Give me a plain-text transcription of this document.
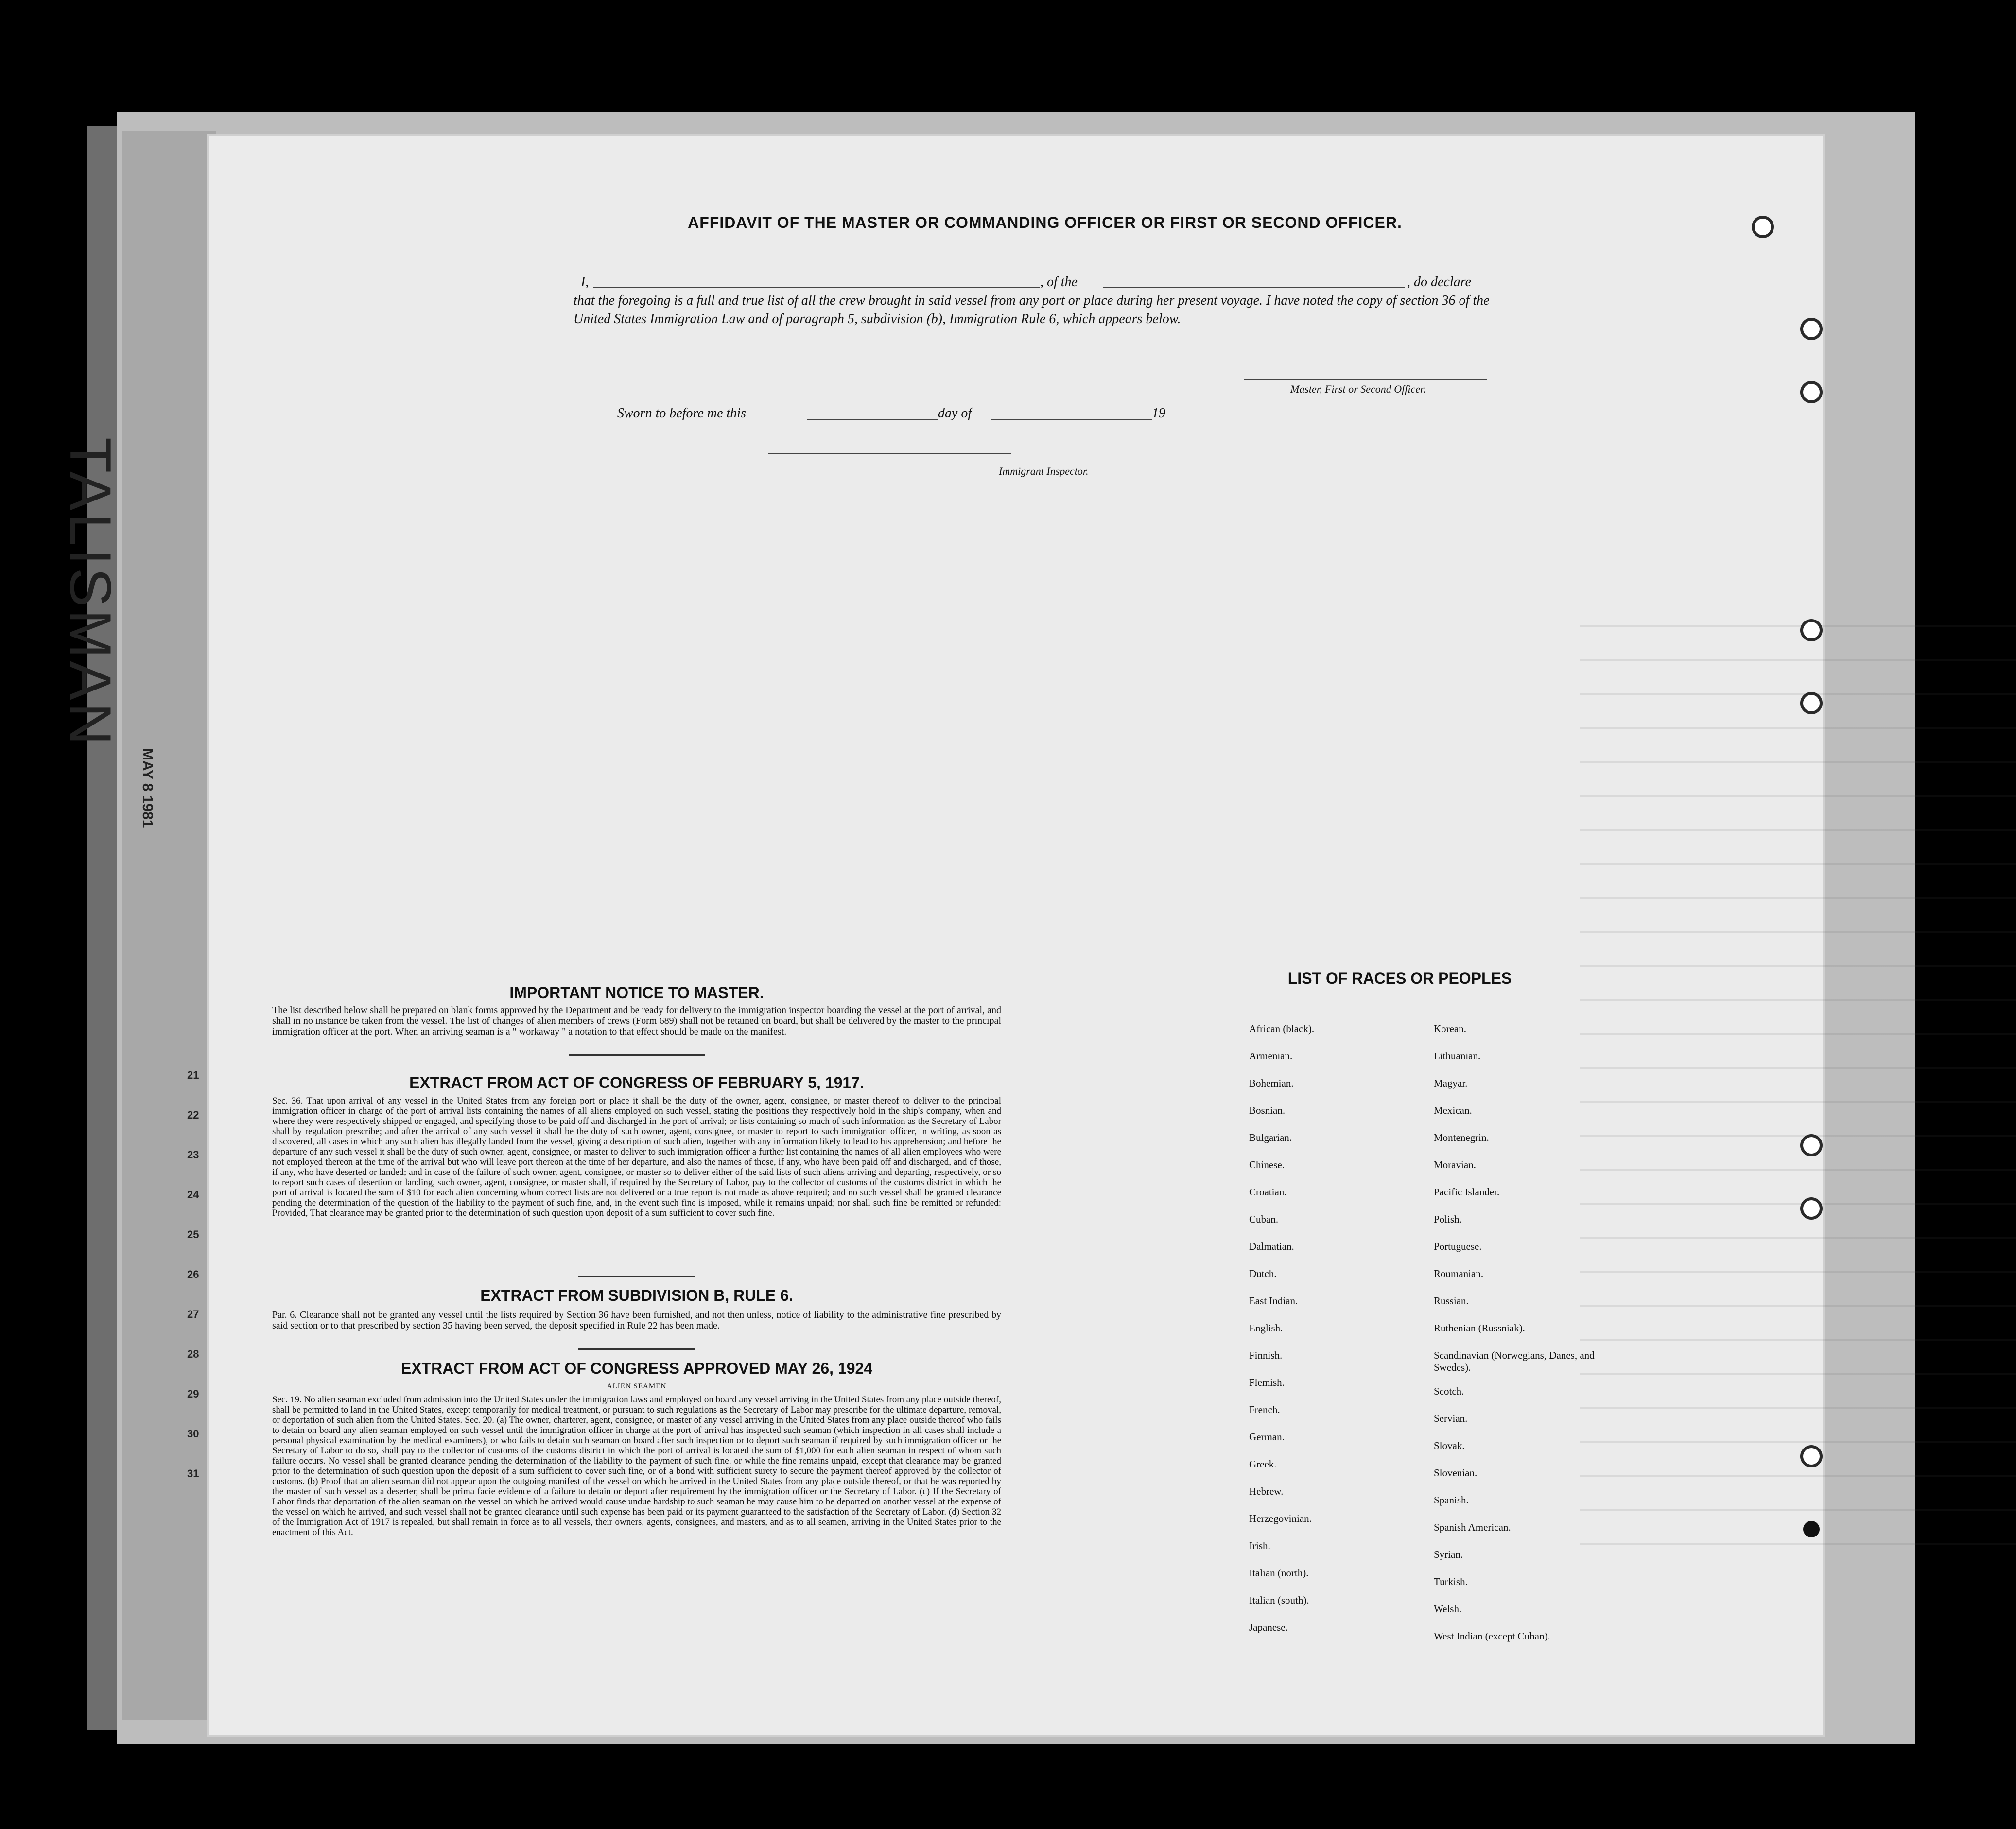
21
22
23
24
25
26
27
28
29
30
31
TALISMAN
MAY 8 1981
AFFIDAVIT OF THE MASTER OR COMMANDING OFFICER OR FIRST OR SECOND OFFICER.
I,	, of the	, do declare
that the foregoing is a full and true list of all the crew brought in said vessel from any port or place during her present voyage. I have noted the copy of section 36 of the United States Immigration Law and of paragraph 5, subdivision (b), Immigration Rule 6, which appears below.
Master, First or Second Officer.
Sworn to before me this	day of	19
Immigrant Inspector.
IMPORTANT NOTICE TO MASTER.
The list described below shall be prepared on blank forms approved by the Department and be ready for delivery to the immigration inspector boarding the vessel at the port of arrival, and shall in no instance be taken from the vessel. The list of changes of alien members of crews (Form 689) shall not be retained on board, but shall be delivered by the master to the principal immigration officer at the port. When an arriving seaman is a " workaway " a notation to that effect should be made on the manifest.
EXTRACT FROM ACT OF CONGRESS OF FEBRUARY 5, 1917.
Sec. 36. That upon arrival of any vessel in the United States from any foreign port or place it shall be the duty of the owner, agent, consignee, or master thereof to deliver to the principal immigration officer in charge of the port of arrival lists containing the names of all aliens employed on such vessel, stating the positions they respectively hold in the ship's company, when and where they were respectively shipped or engaged, and specifying those to be paid off and discharged in the port of arrival; or lists containing so much of such information as the Secretary of Labor shall by regulation prescribe; and after the arrival of any such vessel it shall be the duty of such owner, agent, consignee, or master to report to such immigration officer, in writing, as soon as discovered, all cases in which any such alien has illegally landed from the vessel, giving a description of such alien, together with any information likely to lead to his apprehension; and before the departure of any such vessel it shall be the duty of such owner, agent, consignee, or master to deliver to such immigration officer a further list containing the names of all alien employees who were not employed thereon at the time of the arrival but who will leave port thereon at the time of her departure, and also the names of those, if any, who have been paid off and discharged, and of those, if any, who have deserted or landed; and in case of the failure of such owner, agent, consignee, or master so to deliver either of the said lists of such aliens arriving and departing, respectively, or so to report such cases of desertion or landing, such owner, agent, consignee, or master shall, if required by the Secretary of Labor, pay to the collector of customs of the customs district in which the port of arrival is located the sum of $10 for each alien concerning whom correct lists are not delivered or a true report is not made as above required; and no such vessel shall be granted clearance pending the determination of the question of the liability to the payment of such fine, and, in the event such fine is imposed, while it remains unpaid; nor shall such fine be remitted or refunded: Provided, That clearance may be granted prior to the determination of such question upon deposit of a sum sufficient to cover such fine.
EXTRACT FROM SUBDIVISION B, RULE 6.
Par. 6. Clearance shall not be granted any vessel until the lists required by Section 36 have been furnished, and not then unless, notice of liability to the administrative fine prescribed by said section or to that prescribed by section 35 having been served, the deposit specified in Rule 22 has been made.
EXTRACT FROM ACT OF CONGRESS APPROVED MAY 26, 1924
ALIEN SEAMEN
Sec. 19. No alien seaman excluded from admission into the United States under the immigration laws and employed on board any vessel arriving in the United States from any place outside thereof, shall be permitted to land in the United States, except temporarily for medical treatment, or pursuant to such regulations as the Secretary of Labor may prescribe for the ultimate departure, removal, or deportation of such alien from the United States. Sec. 20. (a) The owner, charterer, agent, consignee, or master of any vessel arriving in the United States from any place outside thereof who fails to detain on board any alien seaman employed on such vessel until the immigration officer in charge at the port of arrival has inspected such seaman (which inspection in all cases shall include a personal physical examination by the medical examiners), or who fails to detain such seaman on board after such inspection or to deport such seaman if required by such immigration officer or the Secretary of Labor to do so, shall pay to the collector of customs of the customs district in which the port of arrival is located the sum of $1,000 for each alien seaman in respect of whom such failure occurs. No vessel shall be granted clearance pending the determination of the liability to the payment of such fine, or while the fine remains unpaid, except that clearance may be granted prior to the determination of such question upon the deposit of a sum sufficient to cover such fine, or of a bond with sufficient surety to secure the payment thereof approved by the collector of customs. (b) Proof that an alien seaman did not appear upon the outgoing manifest of the vessel on which he arrived in the United States from any place outside thereof, or that he was reported by the master of such vessel as a deserter, shall be prima facie evidence of a failure to detain or deport after requirement by the immigration officer or the Secretary of Labor. (c) If the Secretary of Labor finds that deportation of the alien seaman on the vessel on which he arrived would cause undue hardship to such seaman he may cause him to be deported on another vessel at the expense of the vessel on which he arrived, and such vessel shall not be granted clearance until such expense has been paid or its payment guaranteed to the satisfaction of the Secretary of Labor. (d) Section 32 of the Immigration Act of 1917 is repealed, but shall remain in force as to all vessels, their owners, agents, consignees, and masters, and as to all seamen, arriving in the United States prior to the enactment of this Act.
LIST OF RACES OR PEOPLES
African (black).
Armenian.
Bohemian.
Bosnian.
Bulgarian.
Chinese.
Croatian.
Cuban.
Dalmatian.
Dutch.
East Indian.
English.
Finnish.
Flemish.
French.
German.
Greek.
Hebrew.
Herzegovinian.
Irish.
Italian (north).
Italian (south).
Japanese.
Korean.
Lithuanian.
Magyar.
Mexican.
Montenegrin.
Moravian.
Pacific Islander.
Polish.
Portuguese.
Roumanian.
Russian.
Ruthenian (Russniak).
Scandinavian (Norwegians, Danes, and Swedes).
Scotch.
Servian.
Slovak.
Slovenian.
Spanish.
Spanish American.
Syrian.
Turkish.
Welsh.
West Indian (except Cuban).
